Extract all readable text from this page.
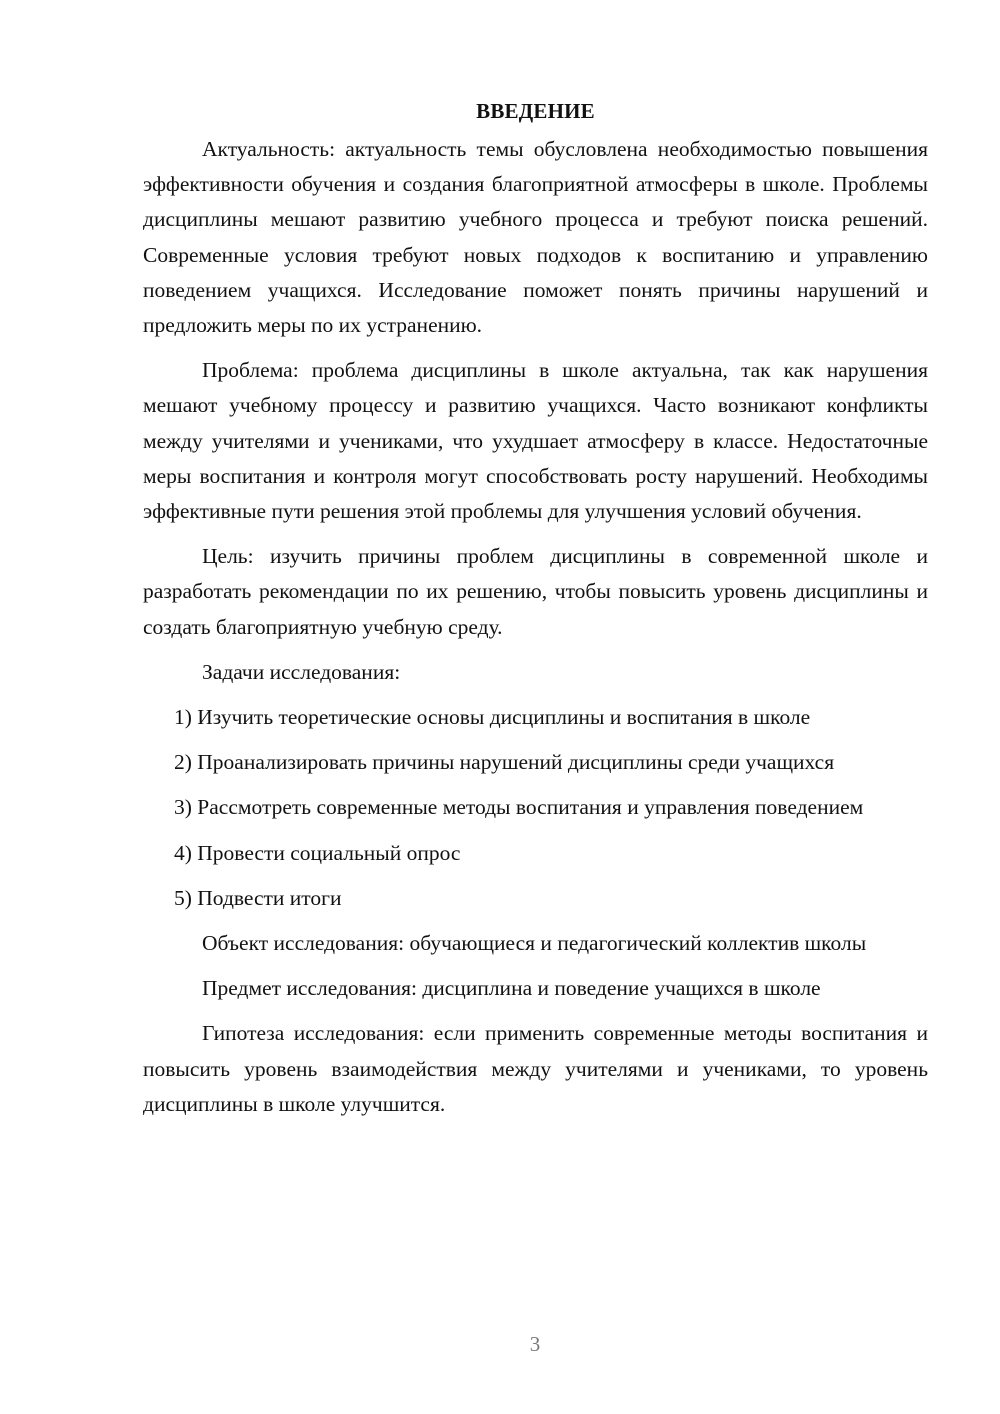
ВВЕДЕНИЕ

Актуальность: актуальность темы обусловлена необходимостью повышения эффективности обучения и создания благоприятной атмосферы в школе. Проблемы дисциплины мешают развитию учебного процесса и требуют поиска решений. Современные условия требуют новых подходов к воспитанию и управлению поведением учащихся. Исследование поможет понять причины нарушений и предложить меры по их устранению.

Проблема: проблема дисциплины в школе актуальна, так как нарушения мешают учебному процессу и развитию учащихся. Часто возникают конфликты между учителями и учениками, что ухудшает атмосферу в классе. Недостаточные меры воспитания и контроля могут способствовать росту нарушений. Необходимы эффективные пути решения этой проблемы для улучшения условий обучения.

Цель: изучить причины проблем дисциплины в современной школе и разработать рекомендации по их решению, чтобы повысить уровень дисциплины и создать благоприятную учебную среду.

Задачи исследования:

1) Изучить теоретические основы дисциплины и воспитания в школе

2) Проанализировать причины нарушений дисциплины среди учащихся

3) Рассмотреть современные методы воспитания и управления поведением

4) Провести социальный опрос

5) Подвести итоги

Объект исследования: обучающиеся и педагогический коллектив школы

Предмет исследования: дисциплина и поведение учащихся в школе

Гипотеза исследования: если применить современные методы воспитания и повысить уровень взаимодействия между учителями и учениками, то уровень дисциплины в школе улучшится.

3
